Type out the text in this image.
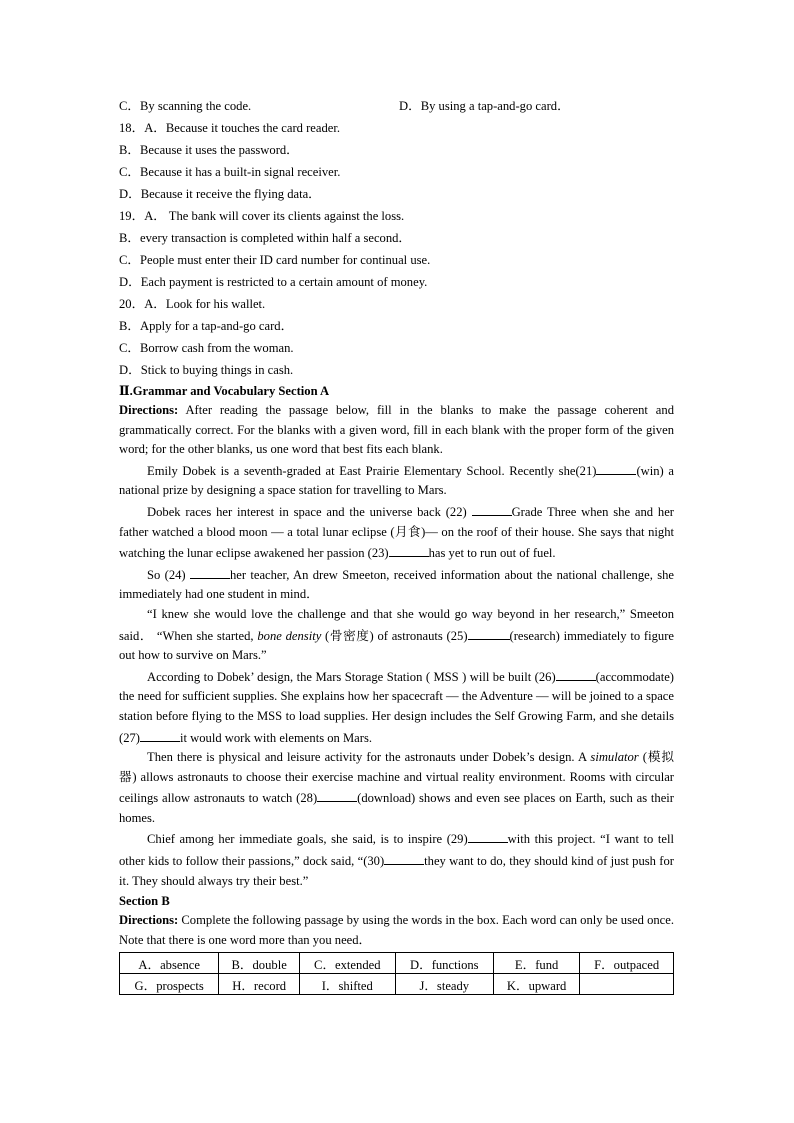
C．By scanning the code.	D．By using a tap-and-go card．
18．A．Because it touches the card reader.
B．Because it uses the password．
C．Because it has a built-in signal receiver.
D．Because it receive the flying data．
19．A． The bank will cover its clients against the loss.
B．every transaction is completed within half a second．
C．People must enter their ID card number for continual use.
D．Each payment is restricted to a certain amount of money.
20．A．Look for his wallet.
B．Apply for a tap-and-go card．
C．Borrow cash from the woman.
D．Stick to buying things in cash.
Ⅱ.Grammar and Vocabulary Section A

Directions: After reading the passage below, fill in the blanks to make the passage coherent and grammatically correct. For the blanks with a given word, fill in each blank with the proper form of the given word; for the other blanks, us one word that best fits each blank.

Emily Dobek is a seventh-graded at East Prairie Elementary School. Recently she(21)	(win) a national prize by designing a space station for travelling to Mars.

Dobek races her interest in space and the universe back (22)	Grade Three when she and her father watched a blood moon — a total lunar eclipse (月食)— on the roof of their house. She says that night watching the lunar eclipse awakened her passion (23)	has yet to run out of fuel.

So (24)	her teacher, An drew Smeeton, received information about the national challenge, she immediately had one student in mind．

“I knew she would love the challenge and that she would go way beyond in her research,” Smeeton said． “When she started, bone density (骨密度) of astronauts (25)	(research) immediately to figure out how to survive on Mars.”

According to Dobek’ design, the Mars Storage Station ( MSS ) will be built (26)	(accommodate) the need for sufficient supplies. She explains how her spacecraft — the Adventure — will be joined to a space station before flying to the MSS to load supplies. Her design includes the Self Growing Farm, and she details (27)	it would work with elements on Mars.

Then there is physical and leisure activity for the astronauts under Dobek’s design. A simulator (模拟器) allows astronauts to choose their exercise machine and virtual reality environment. Rooms with circular ceilings allow astronauts to watch (28)	(download) shows and even see places on Earth, such as their homes.

Chief among her immediate goals, she said, is to inspire (29)	with this project. “I want to tell other kids to follow their passions,” dock said, “(30)	they want to do, they should kind of just push for it. They should always try their best.”

Section B

Directions: Complete the following passage by using the words in the box. Each word can only be used once. Note that there is one word more than you need．

A．absence	B．double	C．extended	D．functions	E．fund	F．outpaced
G．prospects	H．record	I．shifted	J．steady	K．upward	
